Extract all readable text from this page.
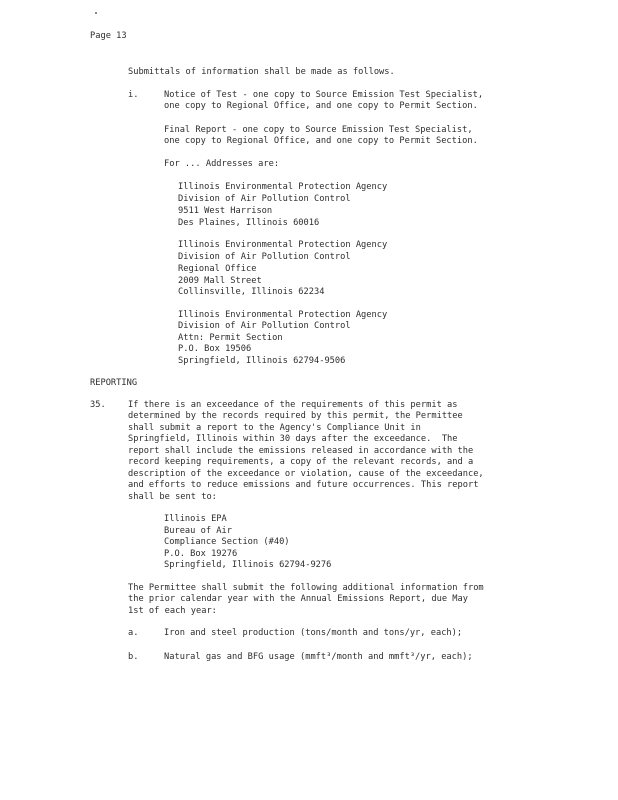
Page 13
Submittals of information shall be made as follows.
i.	Notice of Test - one copy to Source Emission Test Specialist,
one copy to Regional Office, and one copy to Permit Section.
Final Report - one copy to Source Emission Test Specialist,
one copy to Regional Office, and one copy to Permit Section.
For ... Addresses are:
Illinois Environmental Protection Agency
Division of Air Pollution Control
9511 West Harrison
Des Plaines, Illinois 60016
Illinois Environmental Protection Agency
Division of Air Pollution Control
Regional Office
2009 Mall Street
Collinsville, Illinois 62234
Illinois Environmental Protection Agency
Division of Air Pollution Control
Attn: Permit Section
P.O. Box 19506
Springfield, Illinois 62794-9506
REPORTING
35.	If there is an exceedance of the requirements of this permit as
determined by the records required by this permit, the Permittee
shall submit a report to the Agency's Compliance Unit in
Springfield, Illinois within 30 days after the exceedance.  The
report shall include the emissions released in accordance with the
record keeping requirements, a copy of the relevant records, and a
description of the exceedance or violation, cause of the exceedance,
and efforts to reduce emissions and future occurrences. This report
shall be sent to:
Illinois EPA
Bureau of Air
Compliance Section (#40)
P.O. Box 19276
Springfield, Illinois 62794-9276
The Permittee shall submit the following additional information from
the prior calendar year with the Annual Emissions Report, due May
1st of each year:
a.	Iron and steel production (tons/month and tons/yr, each);
b.	Natural gas and BFG usage (mmft³/month and mmft³/yr, each);
